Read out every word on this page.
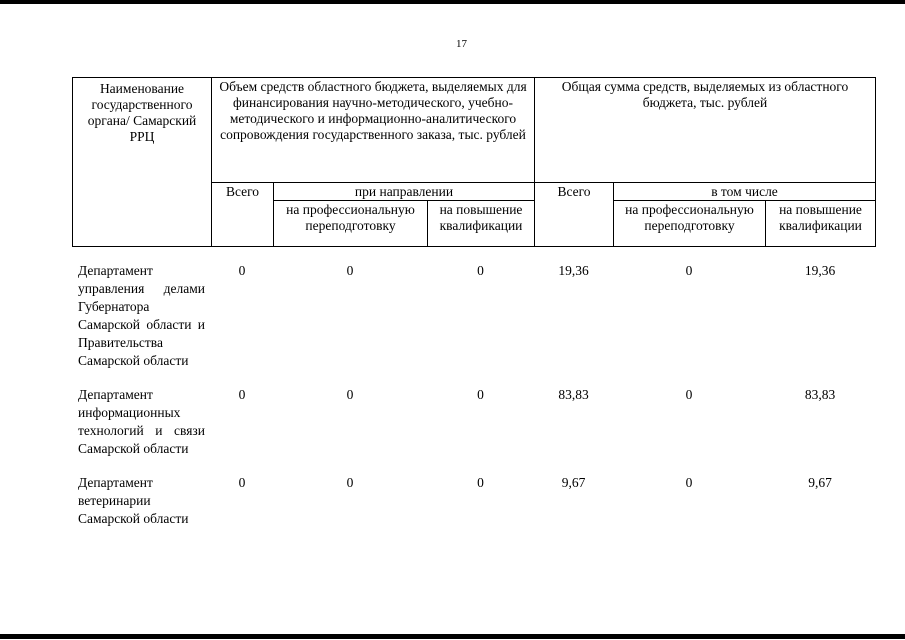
17
Наименование государственного органа/ Самарский РРЦ	Объем средств областного бюджета, выделяемых для финансирования научно-методического, учебно-методического и информационно-аналитического сопровождения государственного заказа, тыс. рублей			Общая сумма средств, выделяемых из областного бюджета, тыс. рублей		
	Всего	при направлении		Всего	в том числе	
		на профессиональную переподготовку	на повышение квалификации		на профессиональную переподготовку	на повышение квалификации
Департамент управления делами Губернатора Самарской области и Правительства Самарской области	0	0	0	19,36	0	19,36
Департамент информационных технологий и связи Самарской области	0	0	0	83,83	0	83,83
Департамент ветеринарии Самарской области	0	0	0	9,67	0	9,67
